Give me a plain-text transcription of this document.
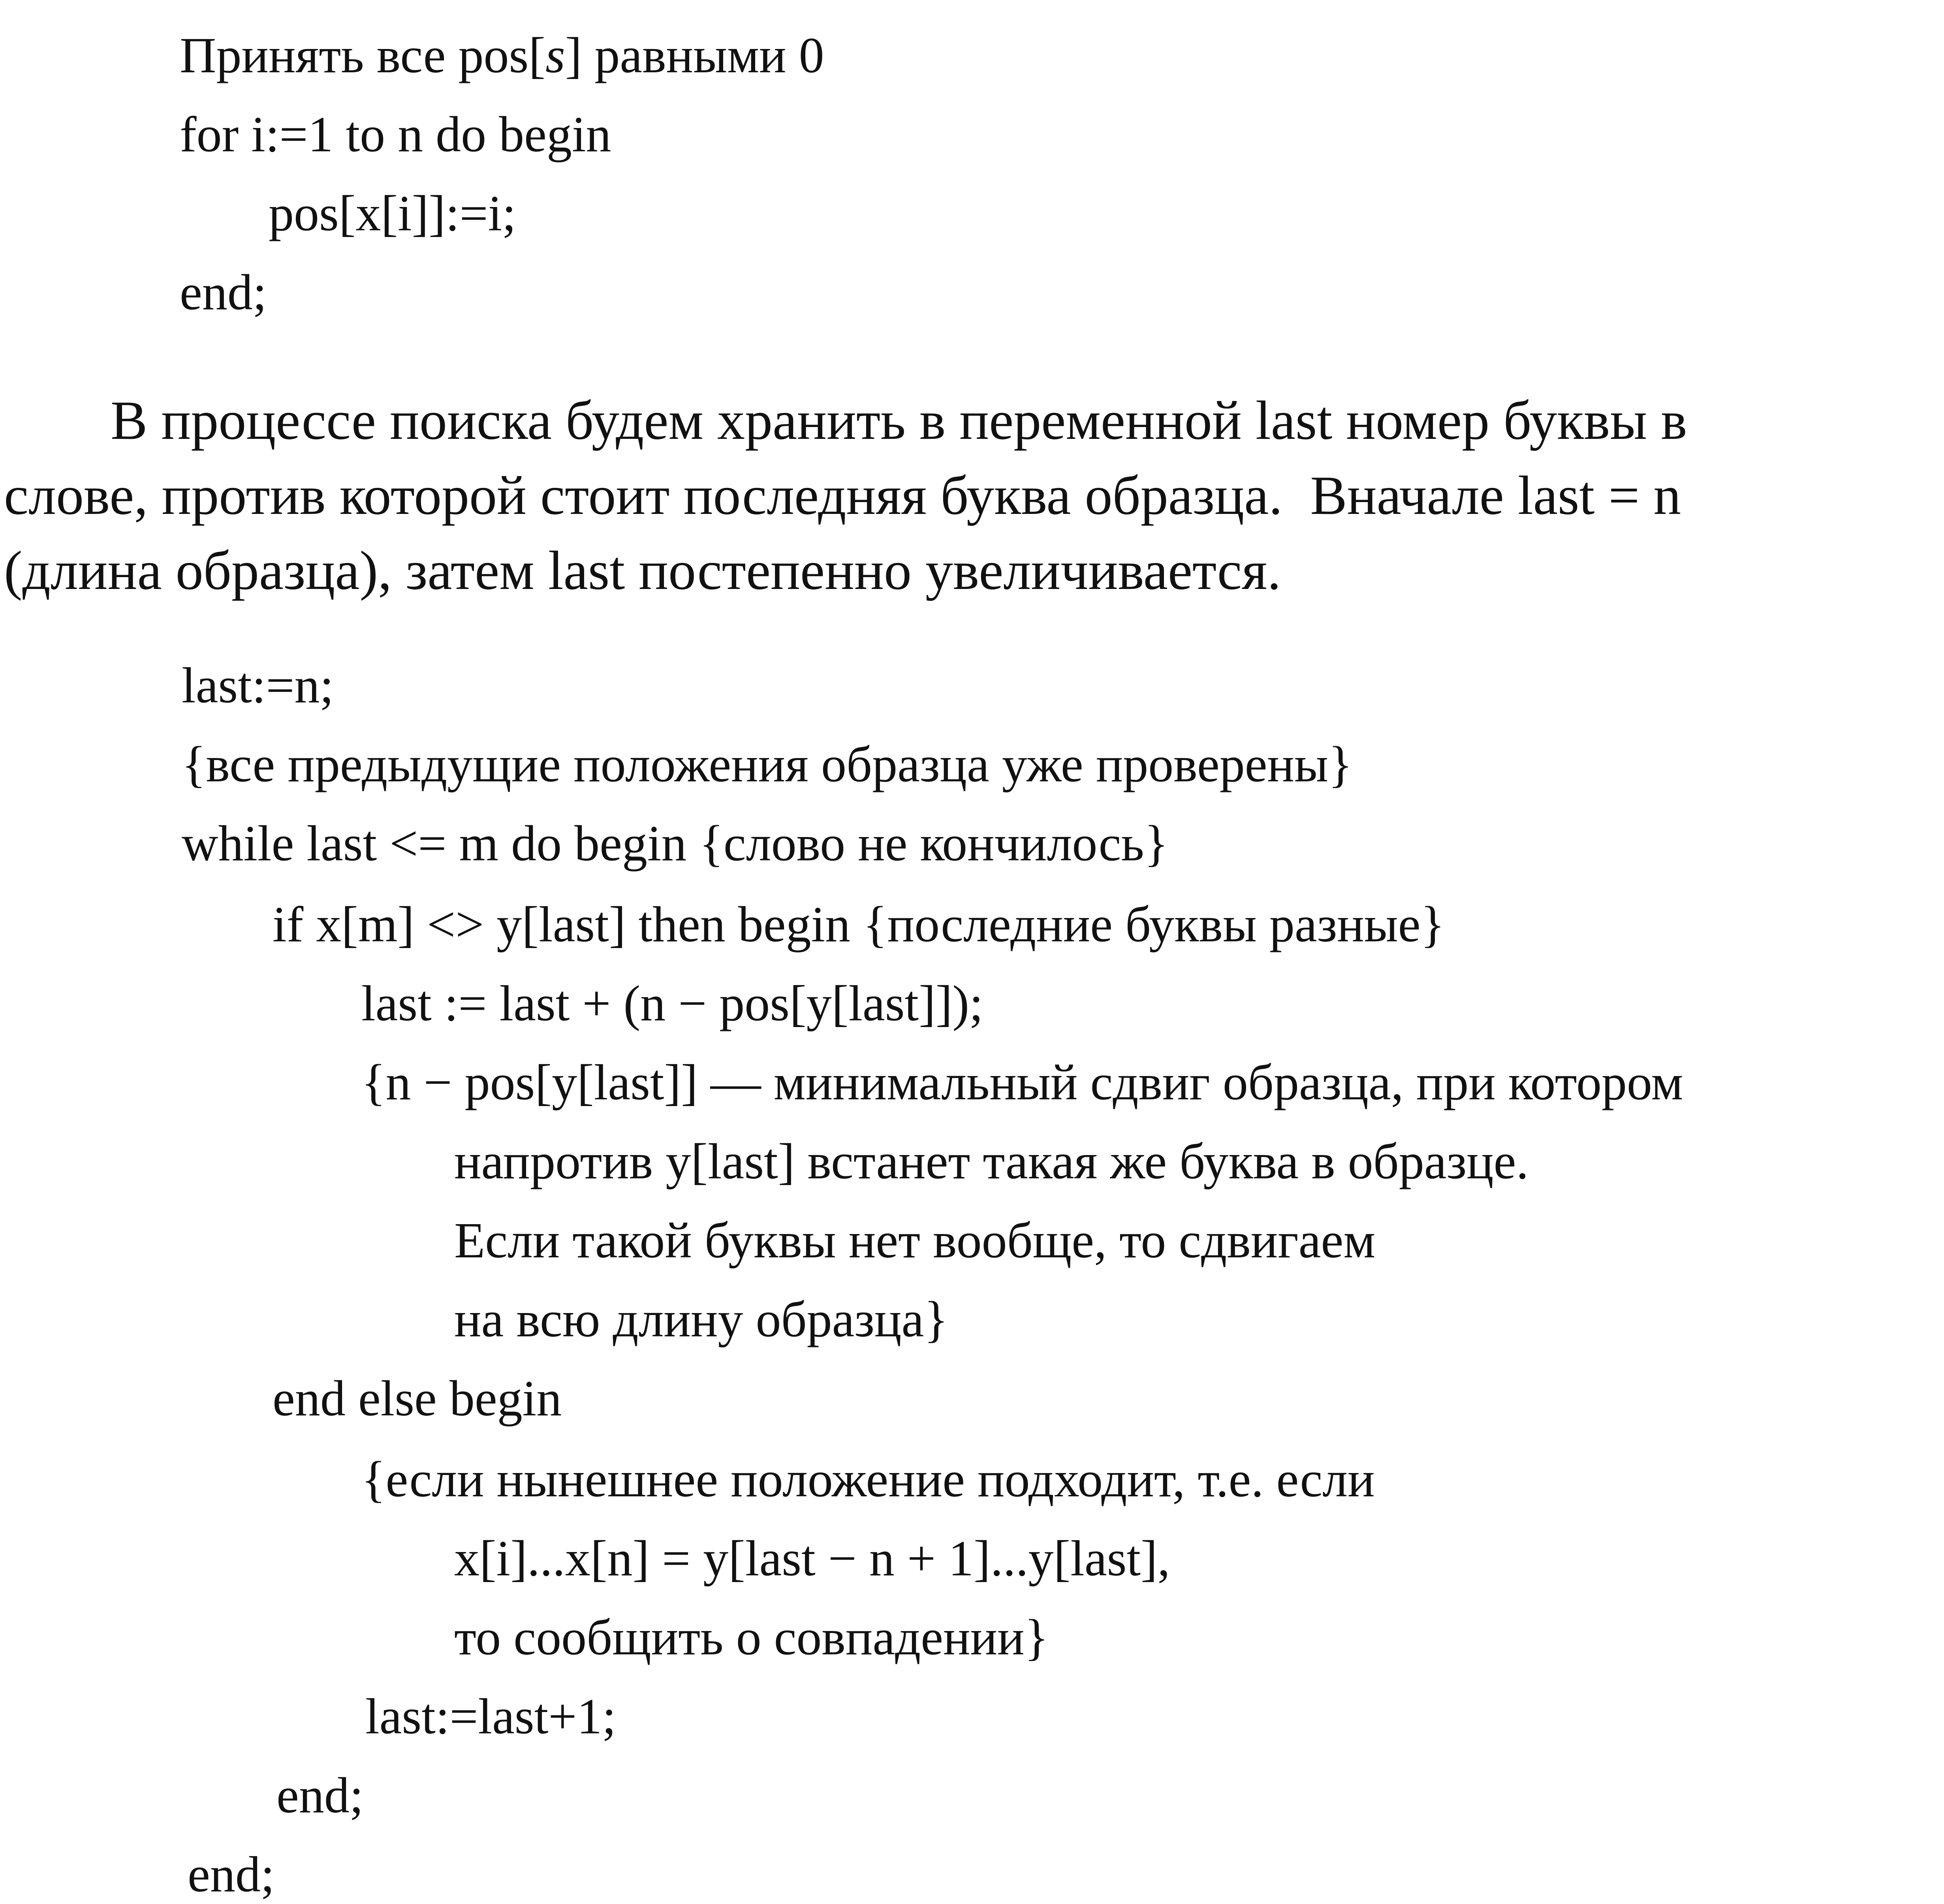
Принять все pos[s] равными 0
for i:=1 to n do begin
pos[x[i]]:=i;
end;
В процессе поиска будем хранить в переменной last номер буквы в
слове, против которой стоит последняя буква образца.  Вначале last = n
(длина образца), затем last постепенно увеличивается.
last:=n;
{все предыдущие положения образца уже проверены}
while last <= m do begin {слово не кончилось}
if x[m] <> y[last] then begin {последние буквы разные}
last := last + (n − pos[y[last]]);
{n − pos[y[last]] — минимальный сдвиг образца, при котором
напротив y[last] встанет такая же буква в образце.
Если такой буквы нет вообще, то сдвигаем
на всю длину образца}
end else begin
{если нынешнее положение подходит, т.е. если
x[i]...x[n] = y[last − n + 1]...y[last],
то сообщить о совпадении}
last:=last+1;
end;
end;
